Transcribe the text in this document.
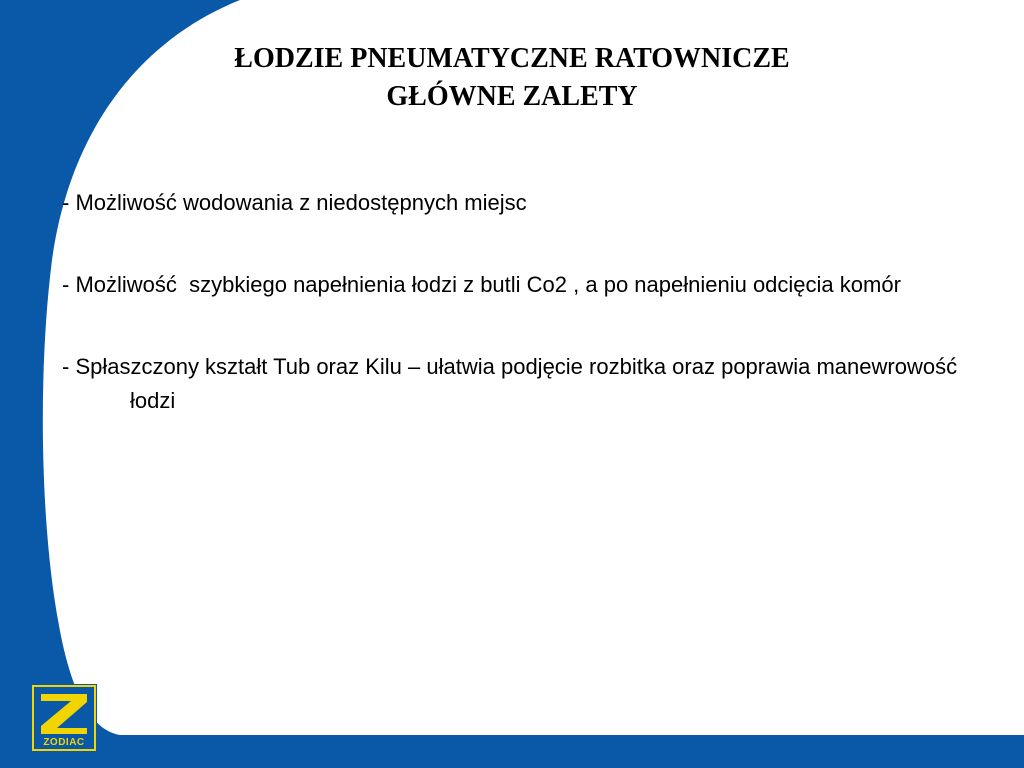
ŁODZIE PNEUMATYCZNE RATOWNICZE
GŁÓWNE ZALETY
- Możliwość wodowania z niedostępnych miejsc
- Możliwość  szybkiego napełnienia łodzi z butli Co2 , a po napełnieniu odcięcia komór
- Spłaszczony kształt Tub oraz Kilu – ułatwia podjęcie rozbitka oraz poprawia manewrowość łodzi
ZODIAC
